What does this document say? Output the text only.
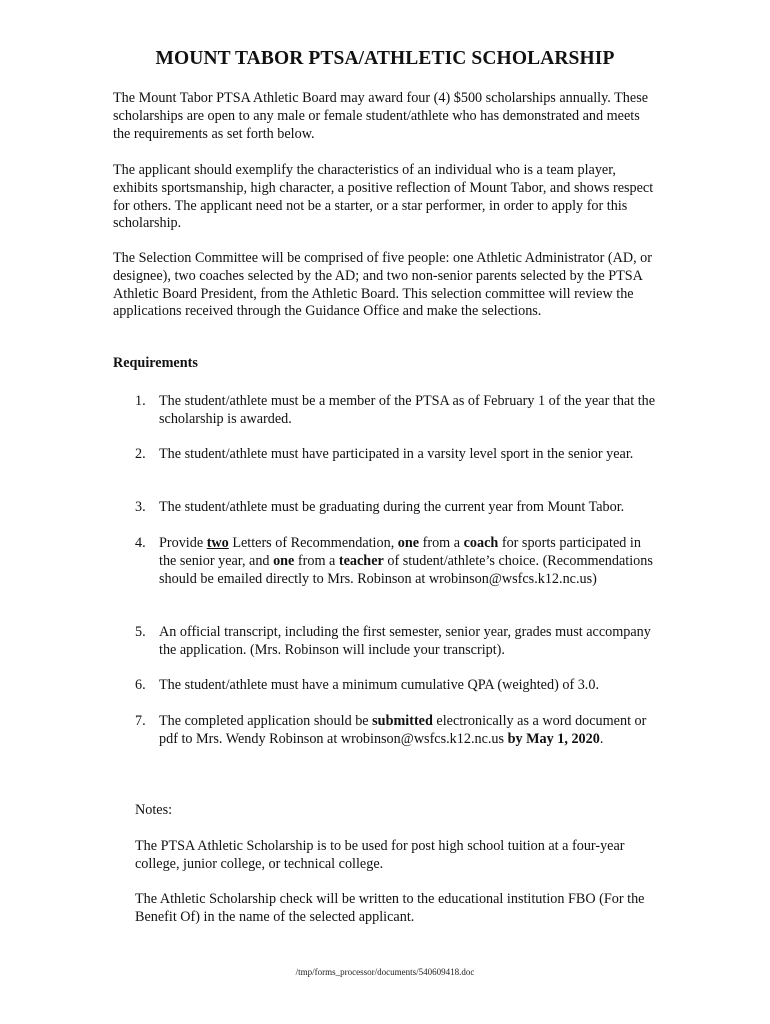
MOUNT TABOR PTSA/ATHLETIC SCHOLARSHIP

The Mount Tabor PTSA Athletic Board may award four (4) $500 scholarships annually. These scholarships are open to any male or female student/athlete who has demonstrated and meets the requirements as set forth below.

The applicant should exemplify the characteristics of an individual who is a team player, exhibits sportsmanship, high character, a positive reflection of Mount Tabor, and shows respect for others. The applicant need not be a starter, or a star performer, in order to apply for this scholarship.

The Selection Committee will be comprised of five people: one Athletic Administrator (AD, or designee), two coaches selected by the AD; and two non-senior parents selected by the PTSA Athletic Board President, from the Athletic Board. This selection committee will review the applications received through the Guidance Office and make the selections.

Requirements
1. The student/athlete must be a member of the PTSA as of February 1 of the year that the scholarship is awarded.
2. The student/athlete must have participated in a varsity level sport in the senior year.
3. The student/athlete must be graduating during the current year from Mount Tabor.
4. Provide two Letters of Recommendation, one from a coach for sports participated in the senior year, and one from a teacher of student/athlete’s choice. (Recommendations should be emailed directly to Mrs. Robinson at wrobinson@wsfcs.k12.nc.us)
5. An official transcript, including the first semester, senior year, grades must accompany the application. (Mrs. Robinson will include your transcript).
6. The student/athlete must have a minimum cumulative QPA (weighted) of 3.0.
7. The completed application should be submitted electronically as a word document or pdf to Mrs. Wendy Robinson at wrobinson@wsfcs.k12.nc.us by May 1, 2020.
Notes:
The PTSA Athletic Scholarship is to be used for post high school tuition at a four-year college, junior college, or technical college.
The Athletic Scholarship check will be written to the educational institution FBO (For the Benefit Of) in the name of the selected applicant.
/tmp/forms_processor/documents/540609418.doc
